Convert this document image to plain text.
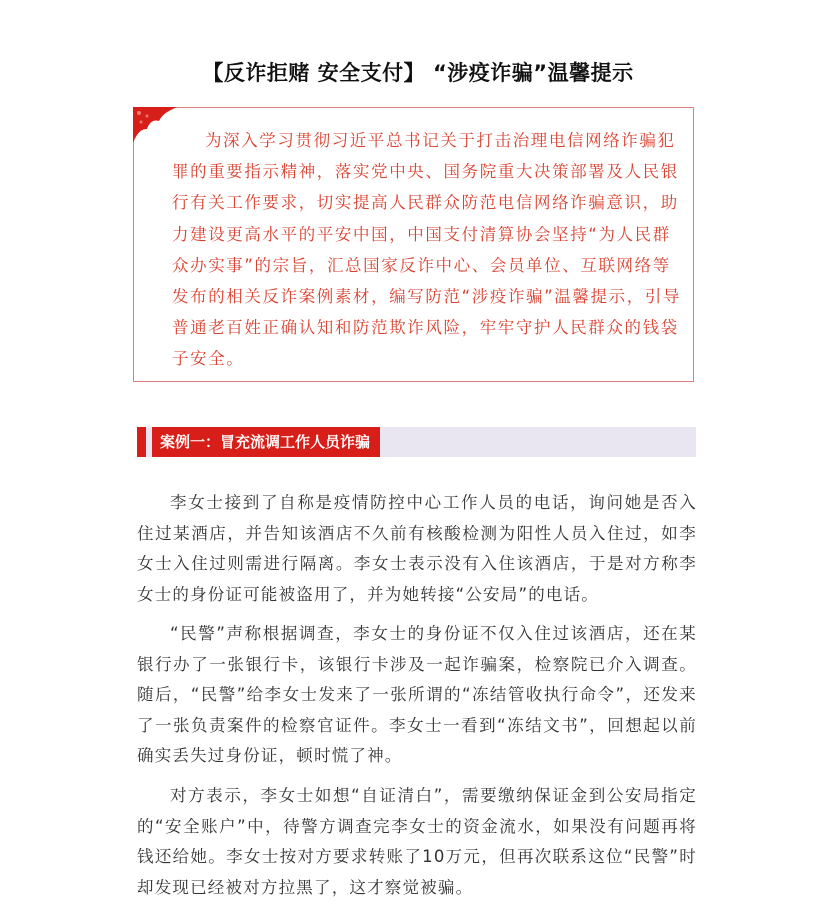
【反诈拒赌 安全支付】 “涉疫诈骗”温馨提示
为深入学习贯彻习近平总书记关于打击治理电信网络诈骗犯罪的重要指示精神，落实党中央、国务院重大决策部署及人民银行有关工作要求，切实提高人民群众防范电信网络诈骗意识，助力建设更高水平的平安中国，中国支付清算协会坚持“为人民群众办实事”的宗旨，汇总国家反诈中心、会员单位、互联网络等发布的相关反诈案例素材，编写防范“涉疫诈骗”温馨提示，引导普通老百姓正确认知和防范欺诈风险，牢牢守护人民群众的钱袋子安全。
案例一：冒充流调工作人员诈骗

李女士接到了自称是疫情防控中心工作人员的电话，询问她是否入住过某酒店，并告知该酒店不久前有核酸检测为阳性人员入住过，如李女士入住过则需进行隔离。李女士表示没有入住该酒店，于是对方称李女士的身份证可能被盗用了，并为她转接“公安局”的电话。

“民警”声称根据调查，李女士的身份证不仅入住过该酒店，还在某银行办了一张银行卡，该银行卡涉及一起诈骗案，检察院已介入调查。随后，“民警”给李女士发来了一张所谓的“冻结管收执行命令”，还发来了一张负责案件的检察官证件。李女士一看到“冻结文书”，回想起以前确实丢失过身份证，顿时慌了神。

对方表示，李女士如想“自证清白”，需要缴纳保证金到公安局指定的“安全账户”中，待警方调查完李女士的资金流水，如果没有问题再将钱还给她。李女士按对方要求转账了10万元，但再次联系这位“民警”时却发现已经被对方拉黑了，这才察觉被骗。
